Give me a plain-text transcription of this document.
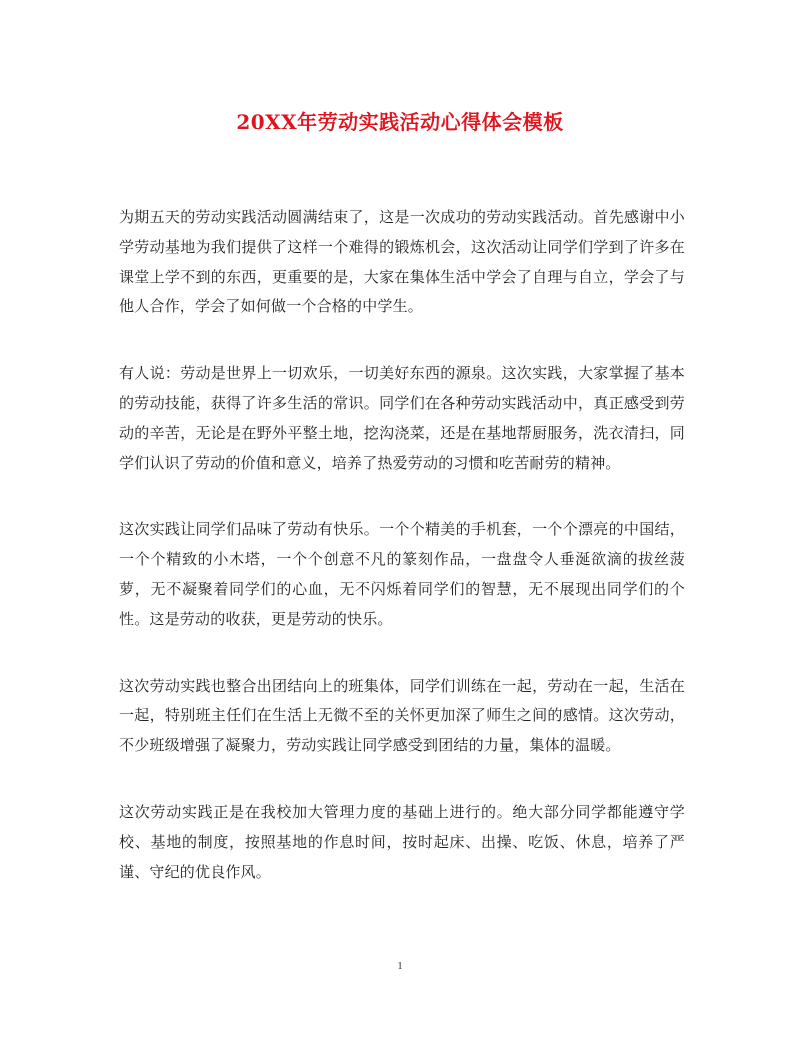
20XX年劳动实践活动心得体会模板

为期五天的劳动实践活动圆满结束了，这是一次成功的劳动实践活动。首先感谢中小学劳动基地为我们提供了这样一个难得的锻炼机会，这次活动让同学们学到了许多在课堂上学不到的东西，更重要的是，大家在集体生活中学会了自理与自立，学会了与他人合作，学会了如何做一个合格的中学生。

有人说：劳动是世界上一切欢乐，一切美好东西的源泉。这次实践，大家掌握了基本的劳动技能，获得了许多生活的常识。同学们在各种劳动实践活动中，真正感受到劳动的辛苦，无论是在野外平整土地，挖沟浇菜，还是在基地帮厨服务，洗衣清扫，同学们认识了劳动的价值和意义，培养了热爱劳动的习惯和吃苦耐劳的精神。

这次实践让同学们品味了劳动有快乐。一个个精美的手机套，一个个漂亮的中国结，一个个精致的小木塔，一个个创意不凡的篆刻作品，一盘盘令人垂涎欲滴的拔丝菠萝，无不凝聚着同学们的心血，无不闪烁着同学们的智慧，无不展现出同学们的个性。这是劳动的收获，更是劳动的快乐。

这次劳动实践也整合出团结向上的班集体，同学们训练在一起，劳动在一起，生活在一起，特别班主任们在生活上无微不至的关怀更加深了师生之间的感情。这次劳动，不少班级增强了凝聚力，劳动实践让同学感受到团结的力量，集体的温暖。

这次劳动实践正是在我校加大管理力度的基础上进行的。绝大部分同学都能遵守学校、基地的制度，按照基地的作息时间，按时起床、出操、吃饭、休息，培养了严谨、守纪的优良作风。

1
